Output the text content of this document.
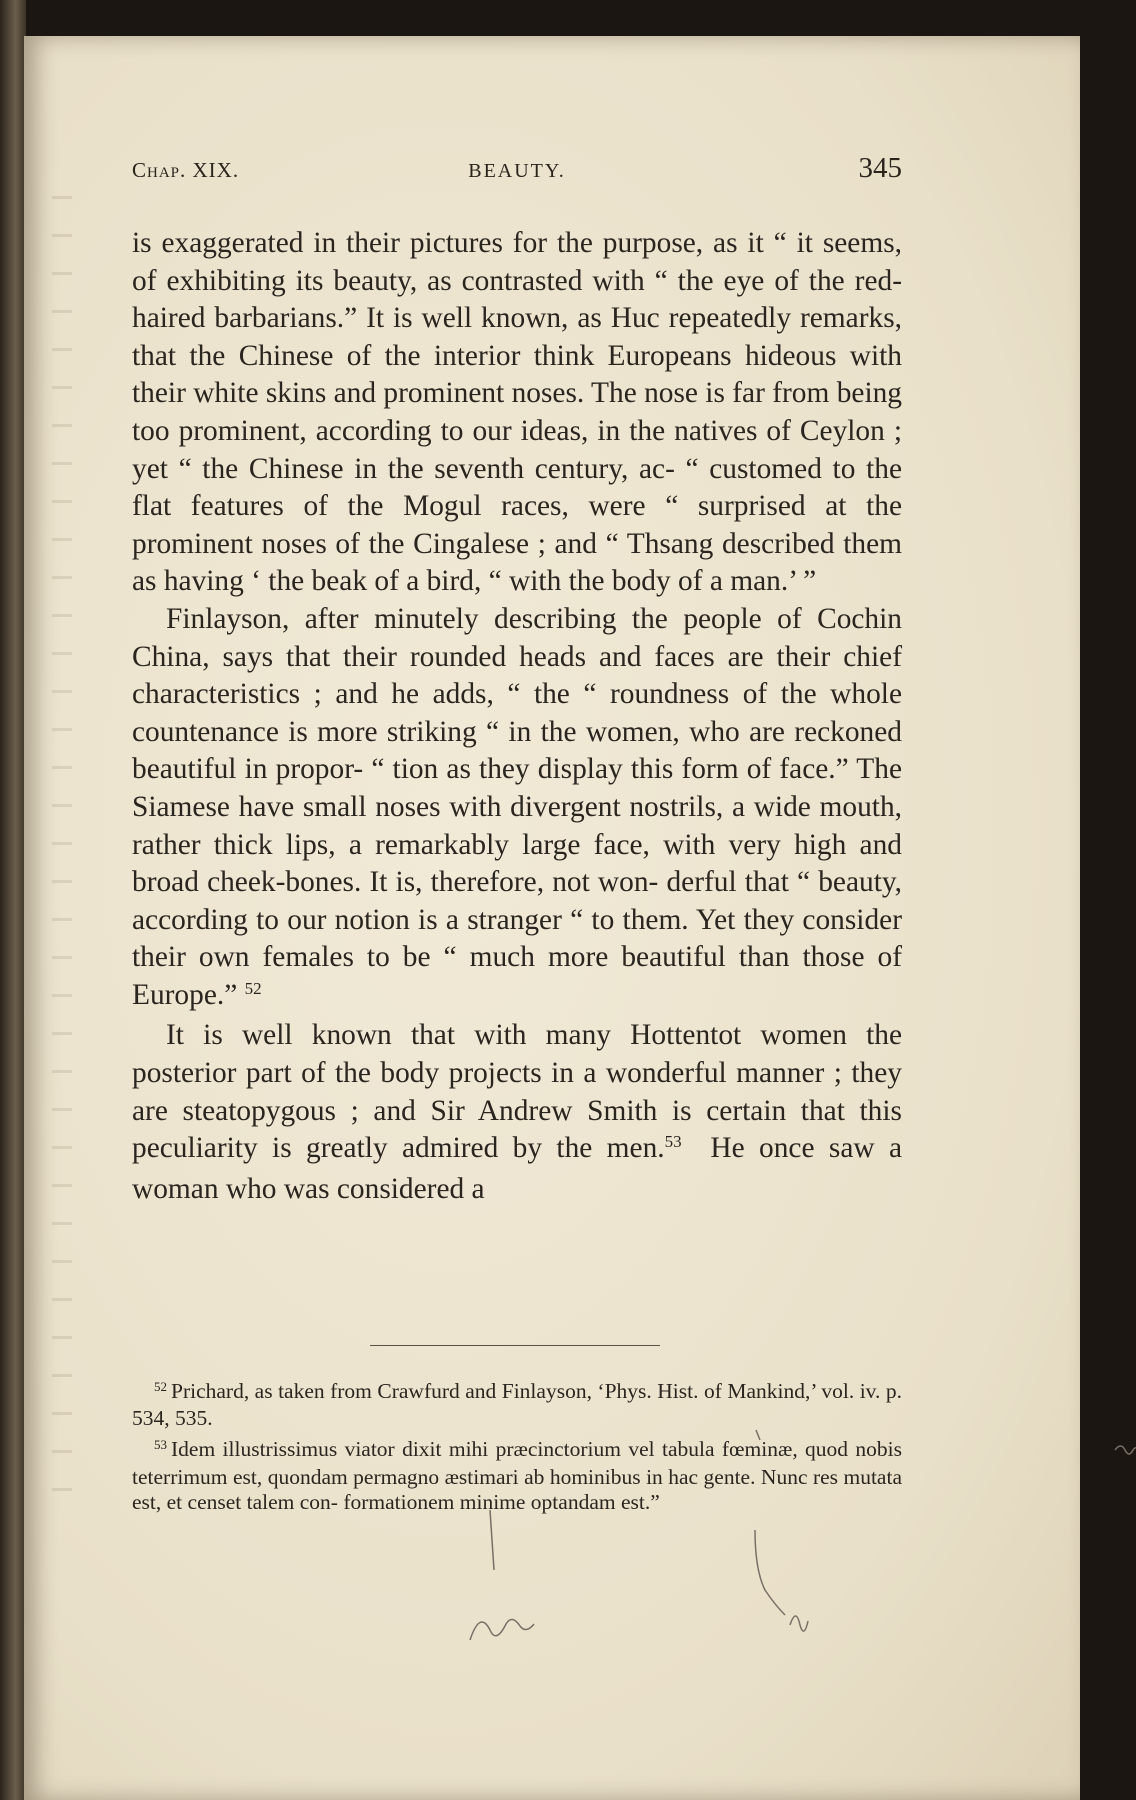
Chap. XIX.	BEAUTY.	345

is exaggerated in their pictures for the purpose, as it “ it seems, of exhibiting its beauty, as contrasted with “ the eye of the red-haired barbarians.” It is well known, as Huc repeatedly remarks, that the Chinese of the interior think Europeans hideous with their white skins and prominent noses. The nose is far from being too prominent, according to our ideas, in the natives of Ceylon ; yet “ the Chinese in the seventh century, ac- “ customed to the flat features of the Mogul races, were “ surprised at the prominent noses of the Cingalese ; and “ Thsang described them as having ‘ the beak of a bird, “ with the body of a man.’ ”

Finlayson, after minutely describing the people of Cochin China, says that their rounded heads and faces are their chief characteristics ; and he adds, “ the “ roundness of the whole countenance is more striking “ in the women, who are reckoned beautiful in propor- “ tion as they display this form of face.” The Siamese have small noses with divergent nostrils, a wide mouth, rather thick lips, a remarkably large face, with very high and broad cheek-bones. It is, therefore, not won- derful that “ beauty, according to our notion is a stranger “ to them. Yet they consider their own females to be “ much more beautiful than those of Europe.” $^{52}$

It is well known that with many Hottentot women the posterior part of the body projects in a wonderful manner ; they are steatopygous ; and Sir Andrew Smith is certain that this peculiarity is greatly admired by the men.$^{53}$ He once saw a woman who was considered a

$^{52}$ Prichard, as taken from Crawfurd and Finlayson, ‘Phys. Hist. of Mankind,’ vol. iv. p. 534, 535.

$^{53}$ Idem illustrissimus viator dixit mihi præcinctorium vel tabula fœminæ, quod nobis teterrimum est, quondam permagno æstimari ab hominibus in hac gente. Nunc res mutata est, et censet talem con- formationem minime optandam est.”
